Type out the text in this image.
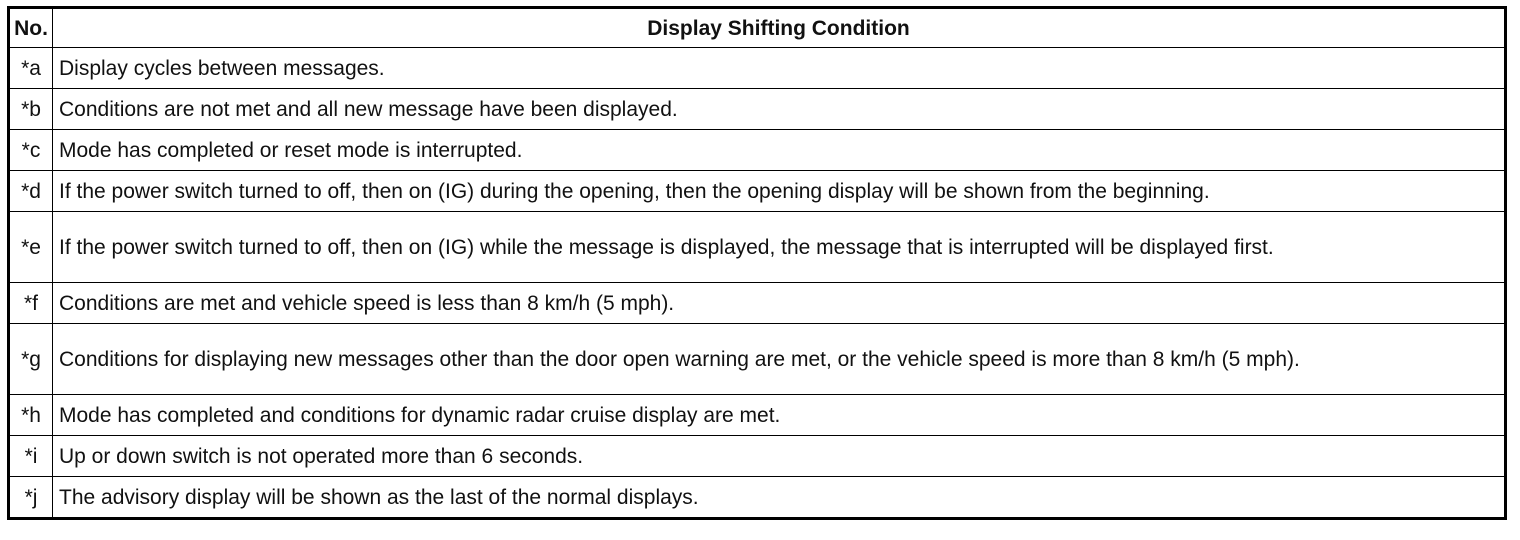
No.	Display Shifting Condition
*a	Display cycles between messages.
*b	Conditions are not met and all new message have been displayed.
*c	Mode has completed or reset mode is interrupted.
*d	If the power switch turned to off, then on (IG) during the opening, then the opening display will be shown from the beginning.
*e	If the power switch turned to off, then on (IG) while the message is displayed, the message that is interrupted will be displayed first.
*f	Conditions are met and vehicle speed is less than 8 km/h (5 mph).
*g	Conditions for displaying new messages other than the door open warning are met, or the vehicle speed is more than 8 km/h (5 mph).
*h	Mode has completed and conditions for dynamic radar cruise display are met.
*i	Up or down switch is not operated more than 6 seconds.
*j	The advisory display will be shown as the last of the normal displays.
